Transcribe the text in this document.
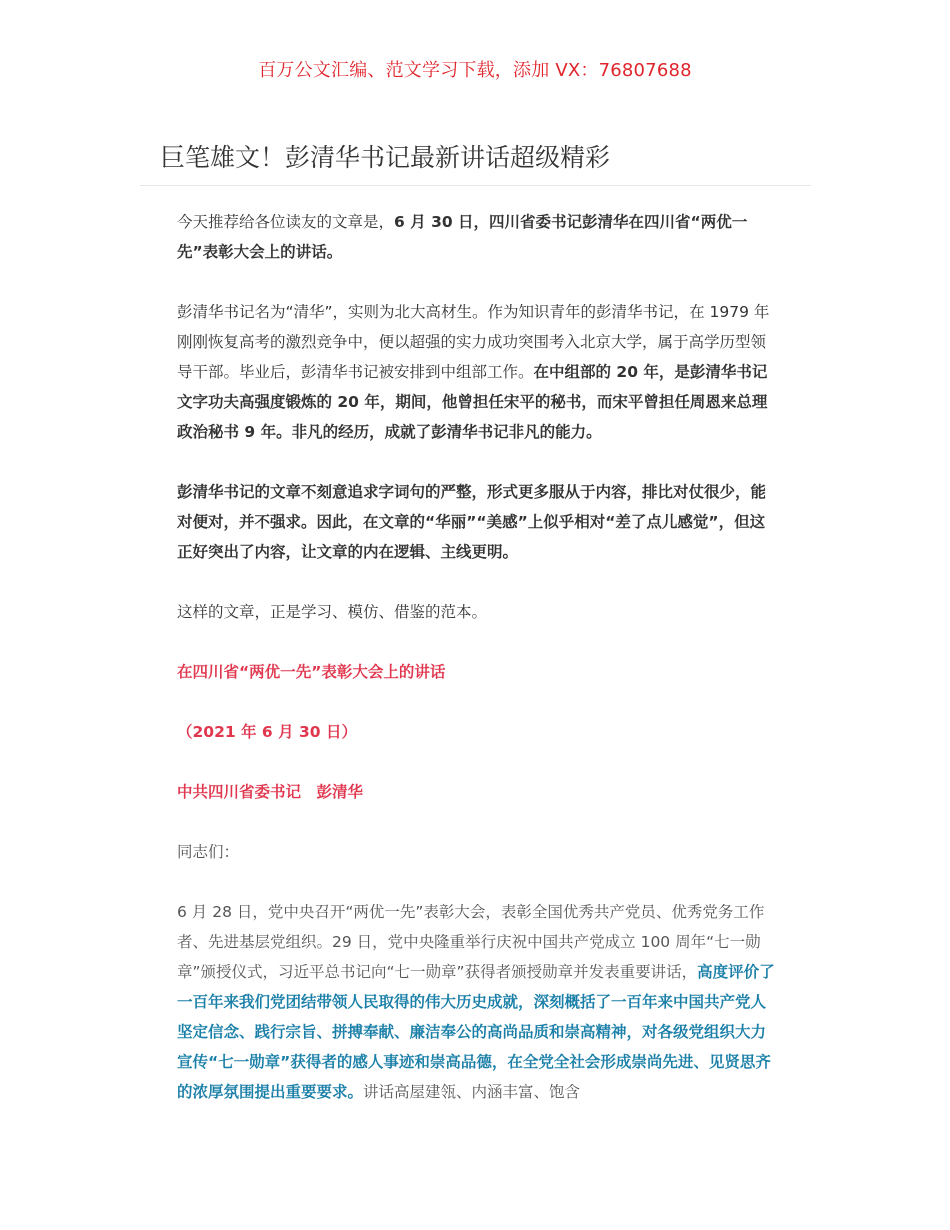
百万公文汇编、范文学习下载，添加 VX：76807688
巨笔雄文！彭清华书记最新讲话超级精彩

今天推荐给各位读友的文章是，6 月 30 日，四川省委书记彭清华在四川省“两优一先”表彰大会上的讲话。

彭清华书记名为“清华”，实则为北大高材生。作为知识青年的彭清华书记，在 1979 年刚刚恢复高考的激烈竞争中，便以超强的实力成功突围考入北京大学，属于高学历型领导干部。毕业后，彭清华书记被安排到中组部工作。在中组部的 20 年，是彭清华书记文字功夫高强度锻炼的 20 年，期间，他曾担任宋平的秘书，而宋平曾担任周恩来总理政治秘书 9 年。非凡的经历，成就了彭清华书记非凡的能力。

彭清华书记的文章不刻意追求字词句的严整，形式更多服从于内容，排比对仗很少，能对便对，并不强求。因此，在文章的“华丽”“美感”上似乎相对“差了点儿感觉”，但这正好突出了内容，让文章的内在逻辑、主线更明。

这样的文章，正是学习、模仿、借鉴的范本。

在四川省“两优一先”表彰大会上的讲话

（2021 年 6 月 30 日）

中共四川省委书记　彭清华

同志们：

6 月 28 日，党中央召开“两优一先”表彰大会，表彰全国优秀共产党员、优秀党务工作者、先进基层党组织。29 日，党中央隆重举行庆祝中国共产党成立 100 周年“七一勋章”颁授仪式，习近平总书记向“七一勋章”获得者颁授勋章并发表重要讲话，高度评价了一百年来我们党团结带领人民取得的伟大历史成就，深刻概括了一百年来中国共产党人坚定信念、践行宗旨、拼搏奉献、廉洁奉公的高尚品质和崇高精神，对各级党组织大力宣传“七一勋章”获得者的感人事迹和崇高品德，在全党全社会形成崇尚先进、见贤思齐的浓厚氛围提出重要要求。讲话高屋建瓴、内涵丰富、饱含
